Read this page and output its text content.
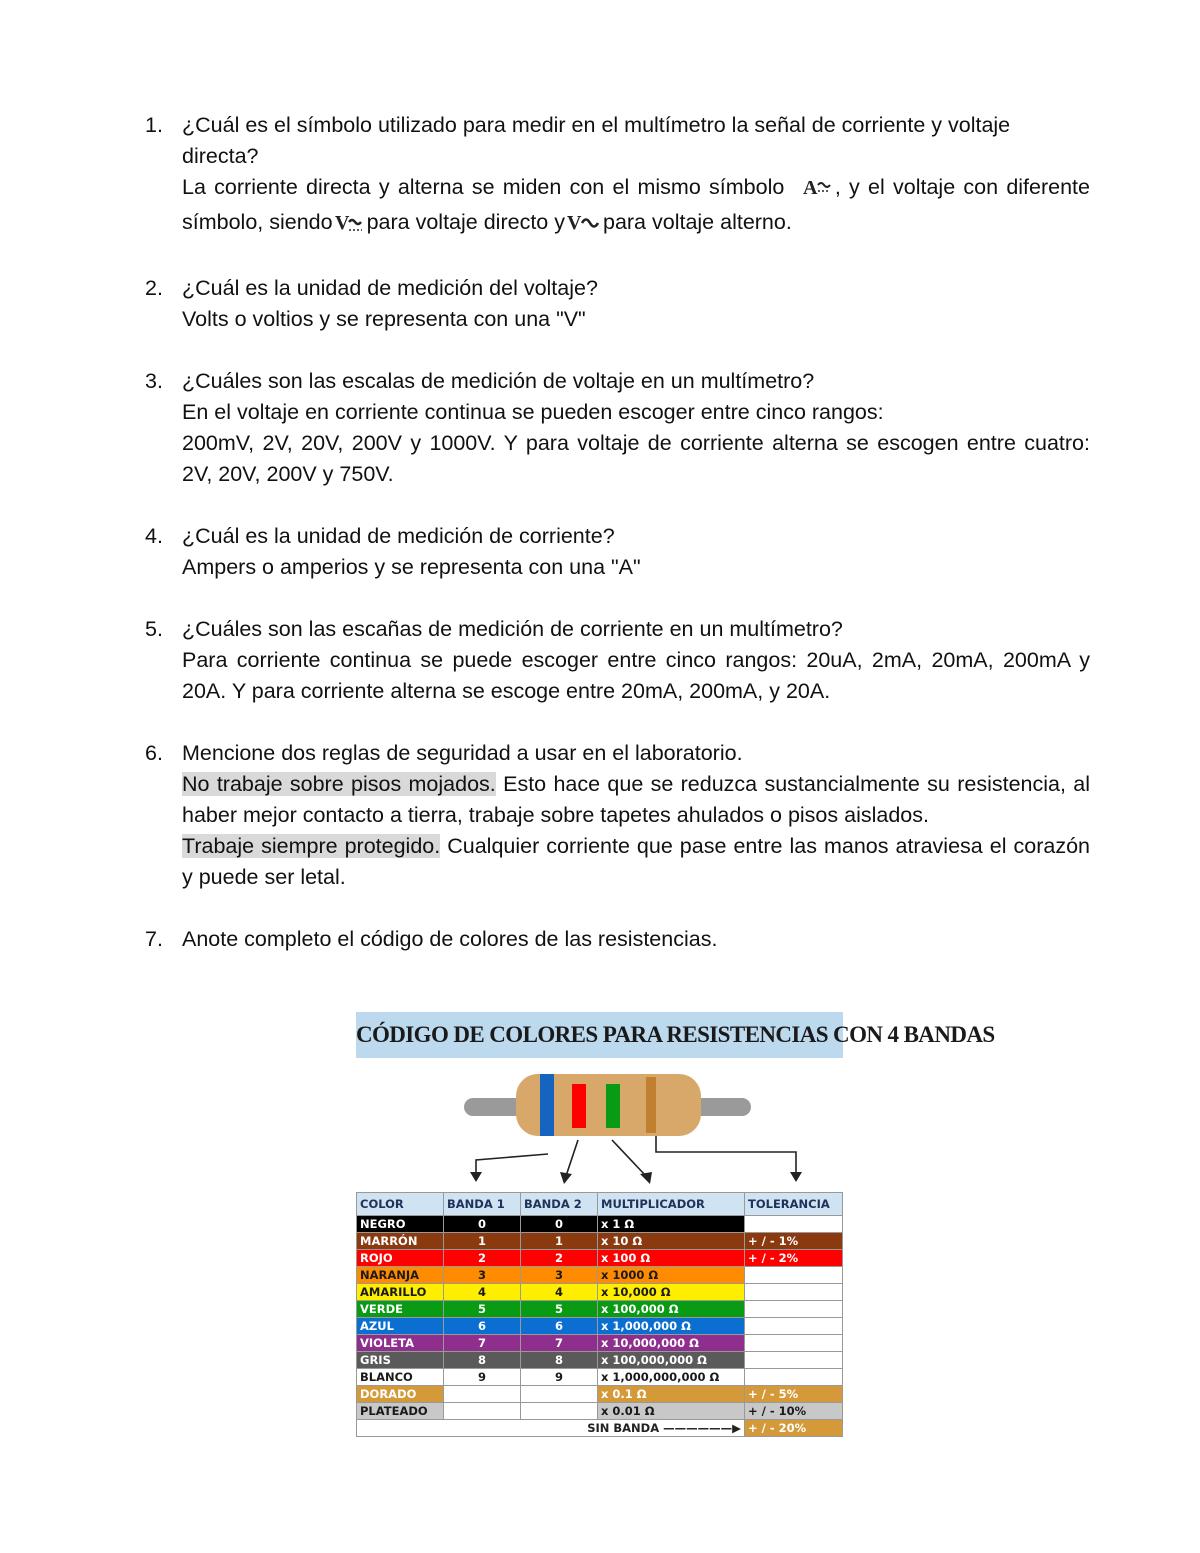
1. ¿Cuál es el símbolo utilizado para medir en el multímetro la señal de corriente y voltaje directa?
La corriente directa y alterna se miden con el mismo símbolo A , y el voltaje con diferente símbolo, siendo V para voltaje directo y V para voltaje alterno.
2. ¿Cuál es la unidad de medición del voltaje?
Volts o voltios y se representa con una "V"
3. ¿Cuáles son las escalas de medición de voltaje en un multímetro?
En el voltaje en corriente continua se pueden escoger entre cinco rangos:
200mV, 2V, 20V, 200V y 1000V. Y para voltaje de corriente alterna se escogen entre cuatro: 2V, 20V, 200V y 750V.
4. ¿Cuál es la unidad de medición de corriente?
Ampers o amperios y se representa con una "A"
5. ¿Cuáles son las escañas de medición de corriente en un multímetro?
Para corriente continua se puede escoger entre cinco rangos: 20uA, 2mA, 20mA, 200mA y 20A. Y para corriente alterna se escoge entre 20mA, 200mA, y 20A.
6. Mencione dos reglas de seguridad a usar en el laboratorio.
No trabaje sobre pisos mojados. Esto hace que se reduzca sustancialmente su resistencia, al haber mejor contacto a tierra, trabaje sobre tapetes ahulados o pisos aislados.
Trabaje siempre protegido. Cualquier corriente que pase entre las manos atraviesa el corazón y puede ser letal.
7. Anote completo el código de colores de las resistencias.
CÓDIGO DE COLORES PARA RESISTENCIAS CON 4 BANDAS
COLOR	BANDA 1	BANDA 2	MULTIPLICADOR	TOLERANCIA
NEGRO	0	0	x 1 Ω	
MARRÓN	1	1	x 10 Ω	+ / - 1%
ROJO	2	2	x 100 Ω	+ / - 2%
NARANJA	3	3	x 1000 Ω	
AMARILLO	4	4	x 10,000 Ω	
VERDE	5	5	x 100,000 Ω	
AZUL	6	6	x 1,000,000 Ω	
VIOLETA	7	7	x 10,000,000 Ω	
GRIS	8	8	x 100,000,000 Ω	
BLANCO	9	9	x 1,000,000,000 Ω	
DORADO			x 0.1 Ω	+ / - 5%
PLATEADO			x 0.01 Ω	+ / - 10%
SIN BANDA ——————▶				+ / - 20%
